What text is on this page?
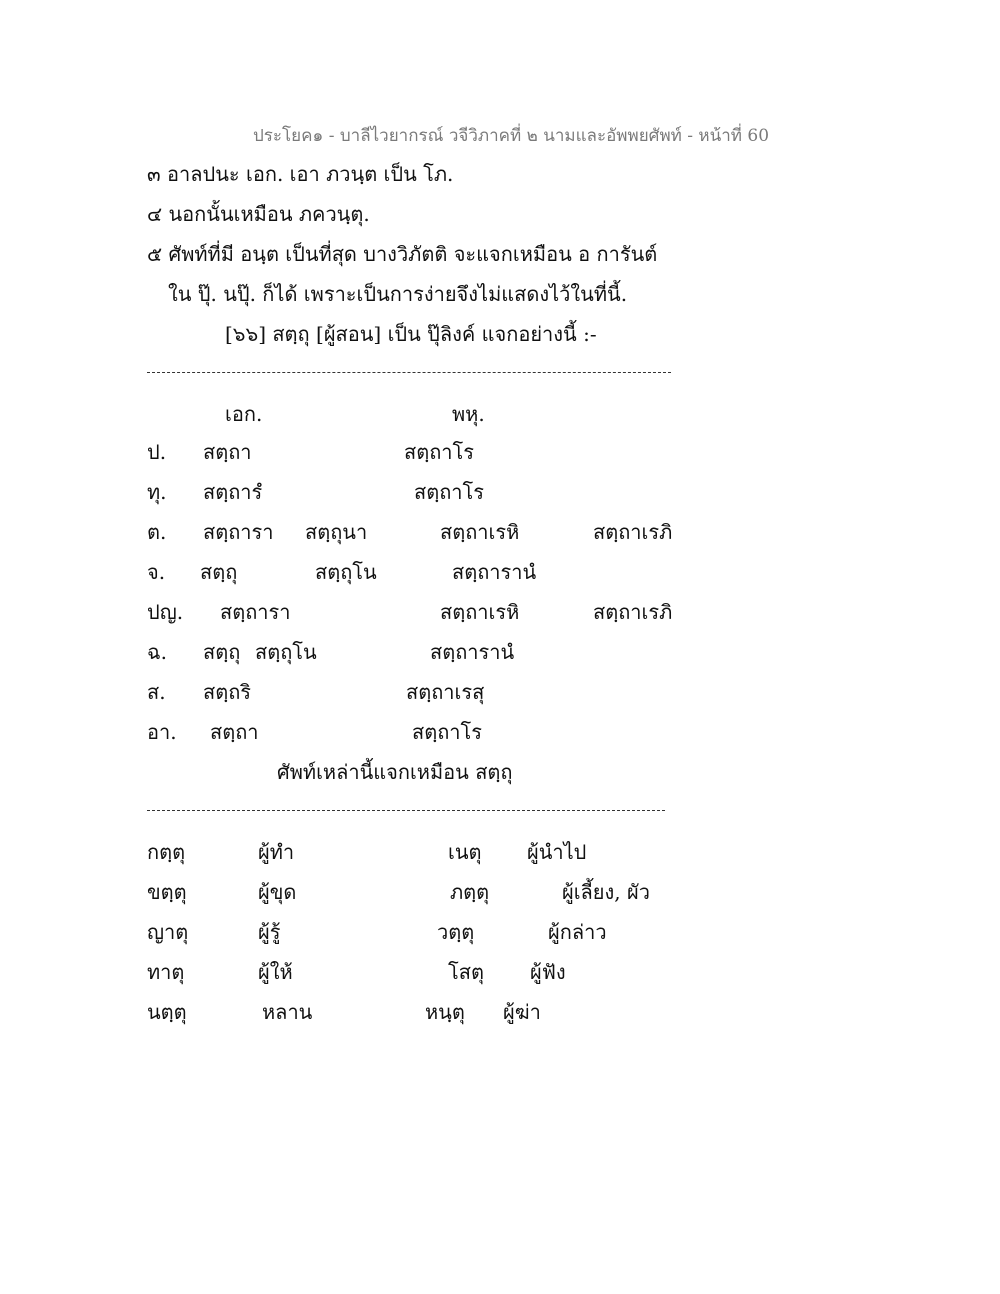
ประโยค๑ - บาลีไวยากรณ์ วจีวิภาคที่ ๒ นามและอัพพยศัพท์ - หน้าที่ 60
๓ อาลปนะ เอก. เอา ภวนฺต เป็น โภ.
๔ นอกนั้นเหมือน ภควนฺตุ.
๕ ศัพท์ที่มี อนฺต เป็นที่สุด บางวิภัตติ จะแจกเหมือน อ การันต์
ใน ปุ๊. นปุ๊. ก็ได้ เพราะเป็นการง่ายจึงไม่แสดงไว้ในที่นี้.
[๖๖] สตฺถุ [ผู้สอน] เป็น ปุ๊ลิงค์ แจกอย่างนี้ :-
เอก.	พหุ.
ป. สตฺถา	สตฺถาโร
ทุ. สตฺถารํ	สตฺถาโร
ต. สตฺถารา สตฺถุนา	สตฺถาเรหิ	สตฺถาเรภิ
จ. สตฺถุ	สตฺถุโน	สตฺถารานํ
ปญ. สตฺถารา	สตฺถาเรหิ	สตฺถาเรภิ
ฉ. สตฺถุ สตฺถุโน	สตฺถารานํ
ส. สตฺถริ	สตฺถาเรสุ
อา. สตฺถา	สตฺถาโร
ศัพท์เหล่านี้แจกเหมือน สตฺถุ
กตฺตุ	ผู้ทำ	เนตุ ผู้นำไป
ขตฺตุ	ผู้ขุด	ภตฺตุ	ผู้เลี้ยง, ผัว
ญาตุ	ผู้รู้	วตฺตุ	ผู้กล่าว
ทาตุ	ผู้ให้	โสตุ ผู้ฟัง
นตฺตุ	หลาน	หนฺตุ ผู้ฆ่า
